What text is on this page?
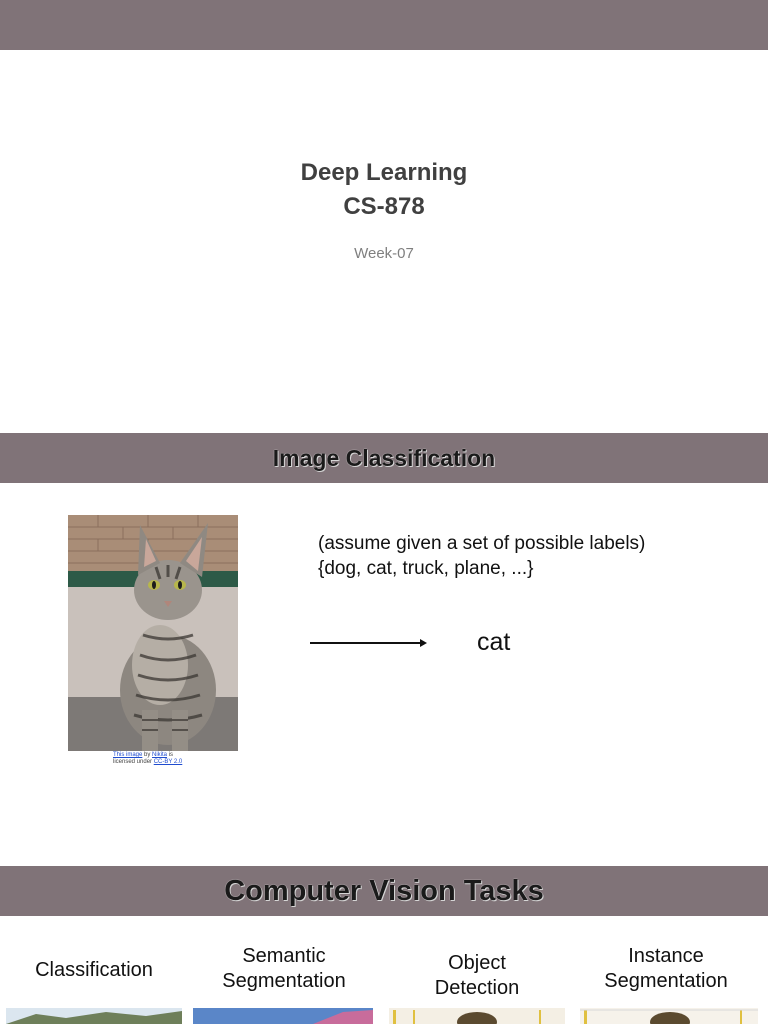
Deep Learning
CS-878
Week-07
Image Classification
This image by Nikita is
licensed under CC-BY 2.0
(assume given a set of possible labels)
{dog, cat, truck, plane, ...}
cat
Computer Vision Tasks
Classification
Semantic
Segmentation
Object
Detection
Instance
Segmentation
